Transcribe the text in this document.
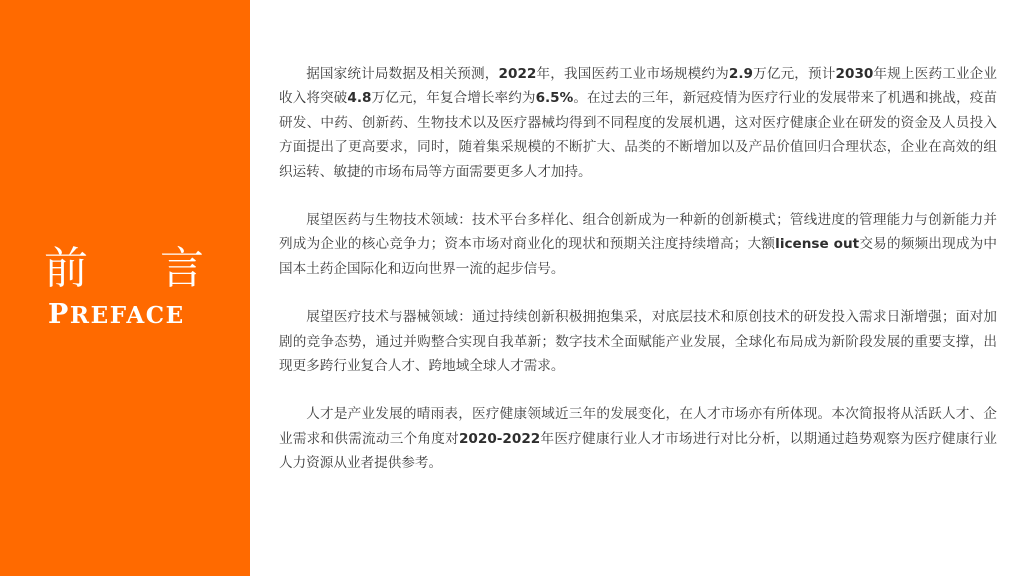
前 言
PREFACE

据国家统计局数据及相关预测，2022年，我国医药工业市场规模约为2.9万亿元，预计2030年规上医药工业企业收入将突破4.8万亿元，年复合增长率约为6.5%。在过去的三年，新冠疫情为医疗行业的发展带来了机遇和挑战，疫苗研发、中药、创新药、生物技术以及医疗器械均得到不同程度的发展机遇，这对医疗健康企业在研发的资金及人员投入方面提出了更高要求，同时，随着集采规模的不断扩大、品类的不断增加以及产品价值回归合理状态，企业在高效的组织运转、敏捷的市场布局等方面需要更多人才加持。

展望医药与生物技术领域：技术平台多样化、组合创新成为一种新的创新模式；管线进度的管理能力与创新能力并列成为企业的核心竞争力；资本市场对商业化的现状和预期关注度持续增高；大额license out交易的频频出现成为中国本土药企国际化和迈向世界一流的起步信号。

展望医疗技术与器械领域：通过持续创新积极拥抱集采，对底层技术和原创技术的研发投入需求日渐增强；面对加剧的竞争态势，通过并购整合实现自我革新；数字技术全面赋能产业发展，全球化布局成为新阶段发展的重要支撑，出现更多跨行业复合人才、跨地域全球人才需求。

人才是产业发展的晴雨表，医疗健康领域近三年的发展变化，在人才市场亦有所体现。本次简报将从活跃人才、企业需求和供需流动三个角度对2020-2022年医疗健康行业人才市场进行对比分析，以期通过趋势观察为医疗健康行业人力资源从业者提供参考。
